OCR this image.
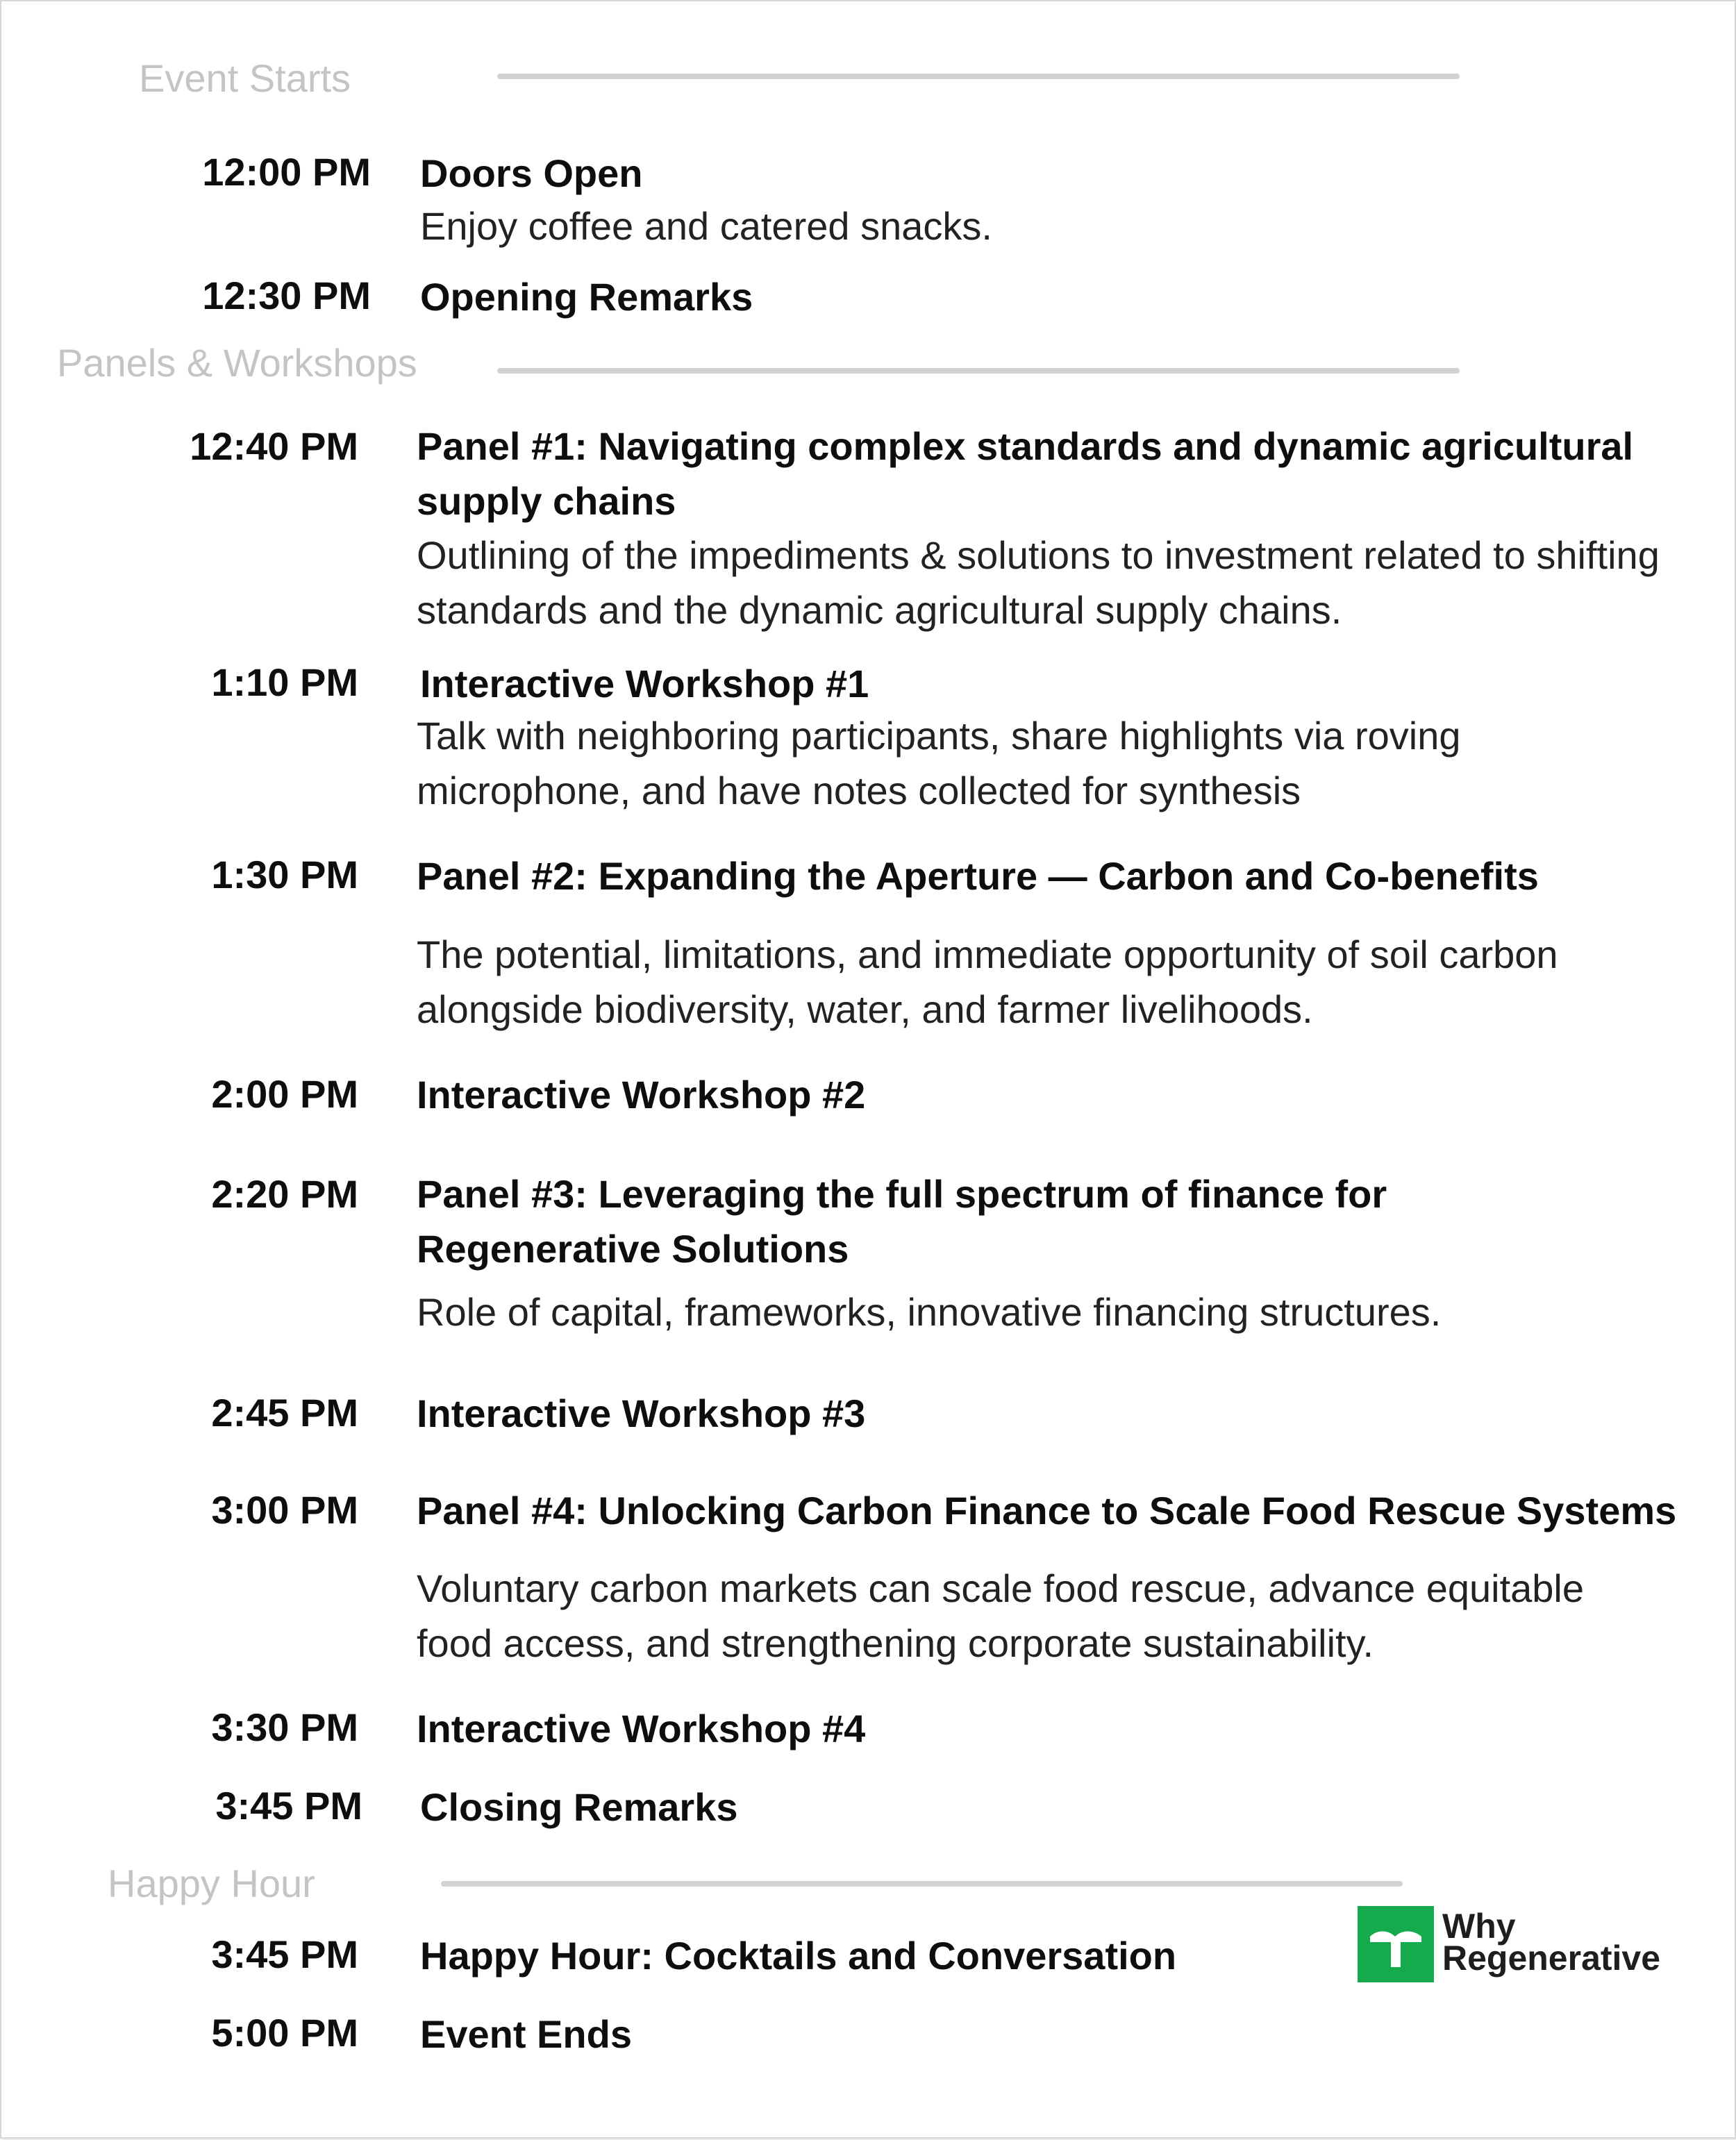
Event Starts
12:00 PM Doors Open
Enjoy coffee and catered snacks.
12:30 PM Opening Remarks
Panels & Workshops
12:40 PM Panel #1: Navigating complex standards and dynamic agricultural supply chains
Outlining of the impediments & solutions to investment related to shifting standards and the dynamic agricultural supply chains.
1:10 PM Interactive Workshop #1
Talk with neighboring participants, share highlights via roving microphone, and have notes collected for synthesis
1:30 PM Panel #2: Expanding the Aperture — Carbon and Co-benefits
The potential, limitations, and immediate opportunity of soil carbon alongside biodiversity, water, and farmer livelihoods.
2:00 PM Interactive Workshop #2
2:20 PM Panel #3: Leveraging the full spectrum of finance for Regenerative Solutions
Role of capital, frameworks, innovative financing structures.
2:45 PM Interactive Workshop #3
3:00 PM Panel #4: Unlocking Carbon Finance to Scale Food Rescue Systems
Voluntary carbon markets can scale food rescue, advance equitable food access, and strengthening corporate sustainability.
3:30 PM Interactive Workshop #4
3:45 PM Closing Remarks
Happy Hour
3:45 PM Happy Hour: Cocktails and Conversation
5:00 PM Event Ends
Why
Regenerative
